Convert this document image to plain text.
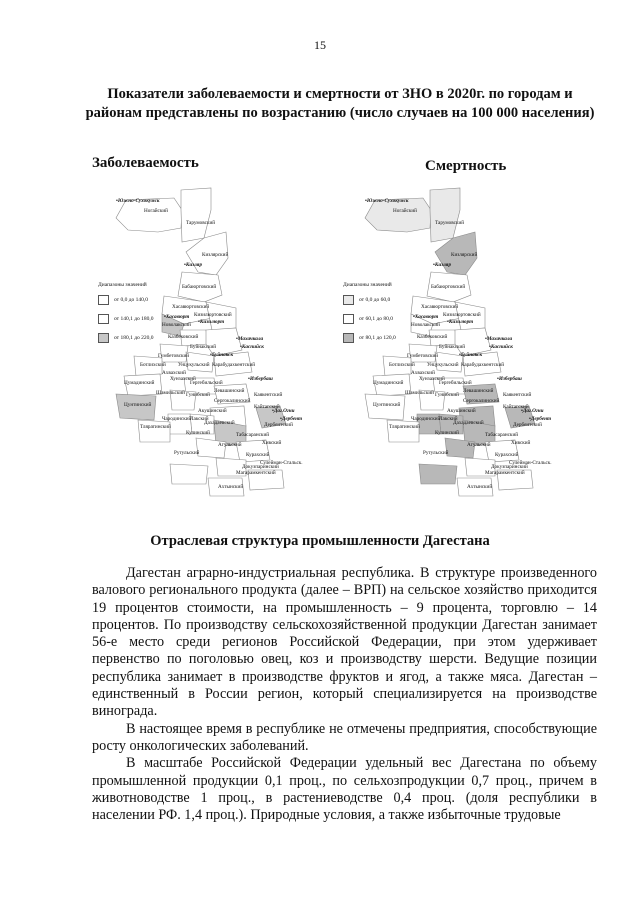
15
Показатели заболеваемости и смертности от ЗНО в 2020г. по городам и районам представлены по возрастанию (число случаев на 100 000 населения)
Заболеваемость	Смертность
•Южно-Сухокумск
Ногайский
Тарумовский
Кизлярский
•Кизляр
Бабаюртовский
Хасавюртовский
•Хасавюрт Кизилюртовский
•Кизилюрт
Новолакский
Казбековский	•Махачкала
•Каспийск
Буйнакский
•Буйнакск
Гумбетовский
Ботлихский Унцукульский Карабудахкентский
Ахвахский
Хунзахский
Цумадинский	Гергебильский
•Избербаш
Левашинский
Каякентский
Шамильский Гунибский
Сергокалинский
Цунтинский
Акушинский
Лакский
Дахадаевский
Кайтагский
Чародинский
•Даг.Огни
•Дербент
Тляратинский
Кулинский
Дербентский
Табасаранский
Агульский	Хивский
Рутульский	Курахский
Сулейман-Стальск.
Магарамкентский
Ахтынский
Докузпаринский
Диапазоны значений
от 0,0 до 140,0
от 140,1 до 180,0
от 180,1 до 220,0
•Южно-Сухокумск
Ногайский
Тарумовский
Кизлярский
•Кизляр
Бабаюртовский
Хасавюртовский
•Хасавюрт Кизилюртовский
•Кизилюрт
Новолакский
Казбековский	•Махачкала
•Каспийск
Буйнакский
•Буйнакск
Гумбетовский
Ботлихский Унцукульский Карабудахкентский
Ахвахский
Хунзахский
Цумадинский	Гергебильский
•Избербаш
Левашинский
Каякентский
Шамильский Гунибский
Сергокалинский
Цунтинский
Акушинский
Лакский
Дахадаевский
Кайтагский
Чародинский
•Даг.Огни
•Дербент
Тляратинский
Кулинский
Дербентский
Табасаранский
Агульский	Хивский
Рутульский	Курахский
Сулейман-Стальск.
Магарамкентский
Ахтынский
Докузпаринский
Диапазоны значений
от 0,0 до 60,0
от 60,1 до 80,0
от 80,1 до 120,0
Отраслевая структура промышленности Дагестана

Дагестан аграрно-индустриальная республика. В структуре произведенного валового регионального продукта (далее – ВРП) на сельское хозяйство приходится 19 процентов стоимости, на промышленность – 9 процента, торговлю – 14 процентов. По производству сельскохозяйственной продукции Дагестан занимает 56-е место среди регионов Российской Федерации, при этом удерживает первенство по поголовью овец, коз и производству шерсти. Ведущие позиции республика занимает в производстве фруктов и ягод, а также мяса. Дагестан – единственный в России регион, который специализируется на производстве винограда.

В настоящее время в республике не отмечены предприятия, способствующие росту онкологических заболеваний.

В масштабе Российской Федерации удельный вес Дагестана по объему промышленной продукции 0,1 проц., по сельхозпродукции 0,7 проц., причем в животноводстве 1 проц., в растениеводстве 0,4 проц. (доля республики в населении РФ. 1,4 проц.). Природные условия, а также избыточные трудовые
